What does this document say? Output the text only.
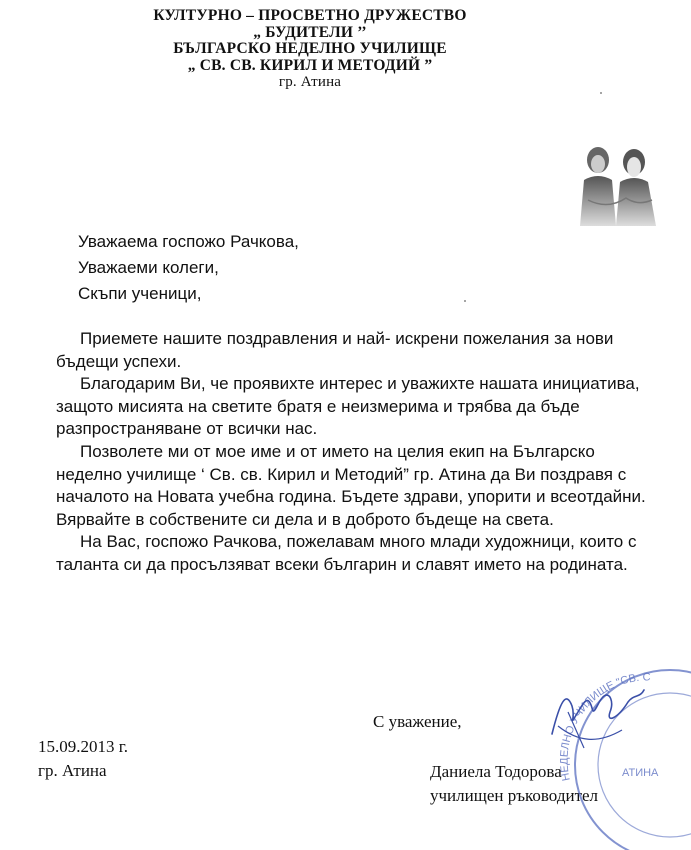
КУЛТУРНО – ПРОСВЕТНО ДРУЖЕСТВО
„ БУДИТЕЛИ ’’
БЪЛГАРСКО НЕДЕЛНО УЧИЛИЩЕ
„ СВ. СВ. КИРИЛ И МЕТОДИЙ ”
гр. Атина
Уважаема госпожо Рачкова,
Уважаеми колеги,
Скъпи ученици,

Приемете нашите поздравления и най- искрени пожелания за нови бъдещи успехи.

Благодарим Ви, че проявихте интерес и уважихте нашата инициатива, защото мисията на светите братя е неизмерима и трябва да бъде разпространяване от всички нас.

Позволете ми от мое име и от името на целия екип на Българско неделно училище ‘ Св. св. Кирил и Методий” гр. Атина да Ви поздравя с началото на Новата учебна година. Бъдете здрави, упорити и всеотдайни. Вярвайте в собствените си дела и в доброто бъдеще на света.

На Вас, госпожо Рачкова, пожелавам много млади художници, които с таланта си да просълзяват всеки българин и славят името на родината.

С уважение,
15.09.2013 г.
гр. Атина	Даниела Тодорова
училищен ръководител
НЕДЕЛНО УЧИЛИЩЕ "СВ. С
АТИНА
